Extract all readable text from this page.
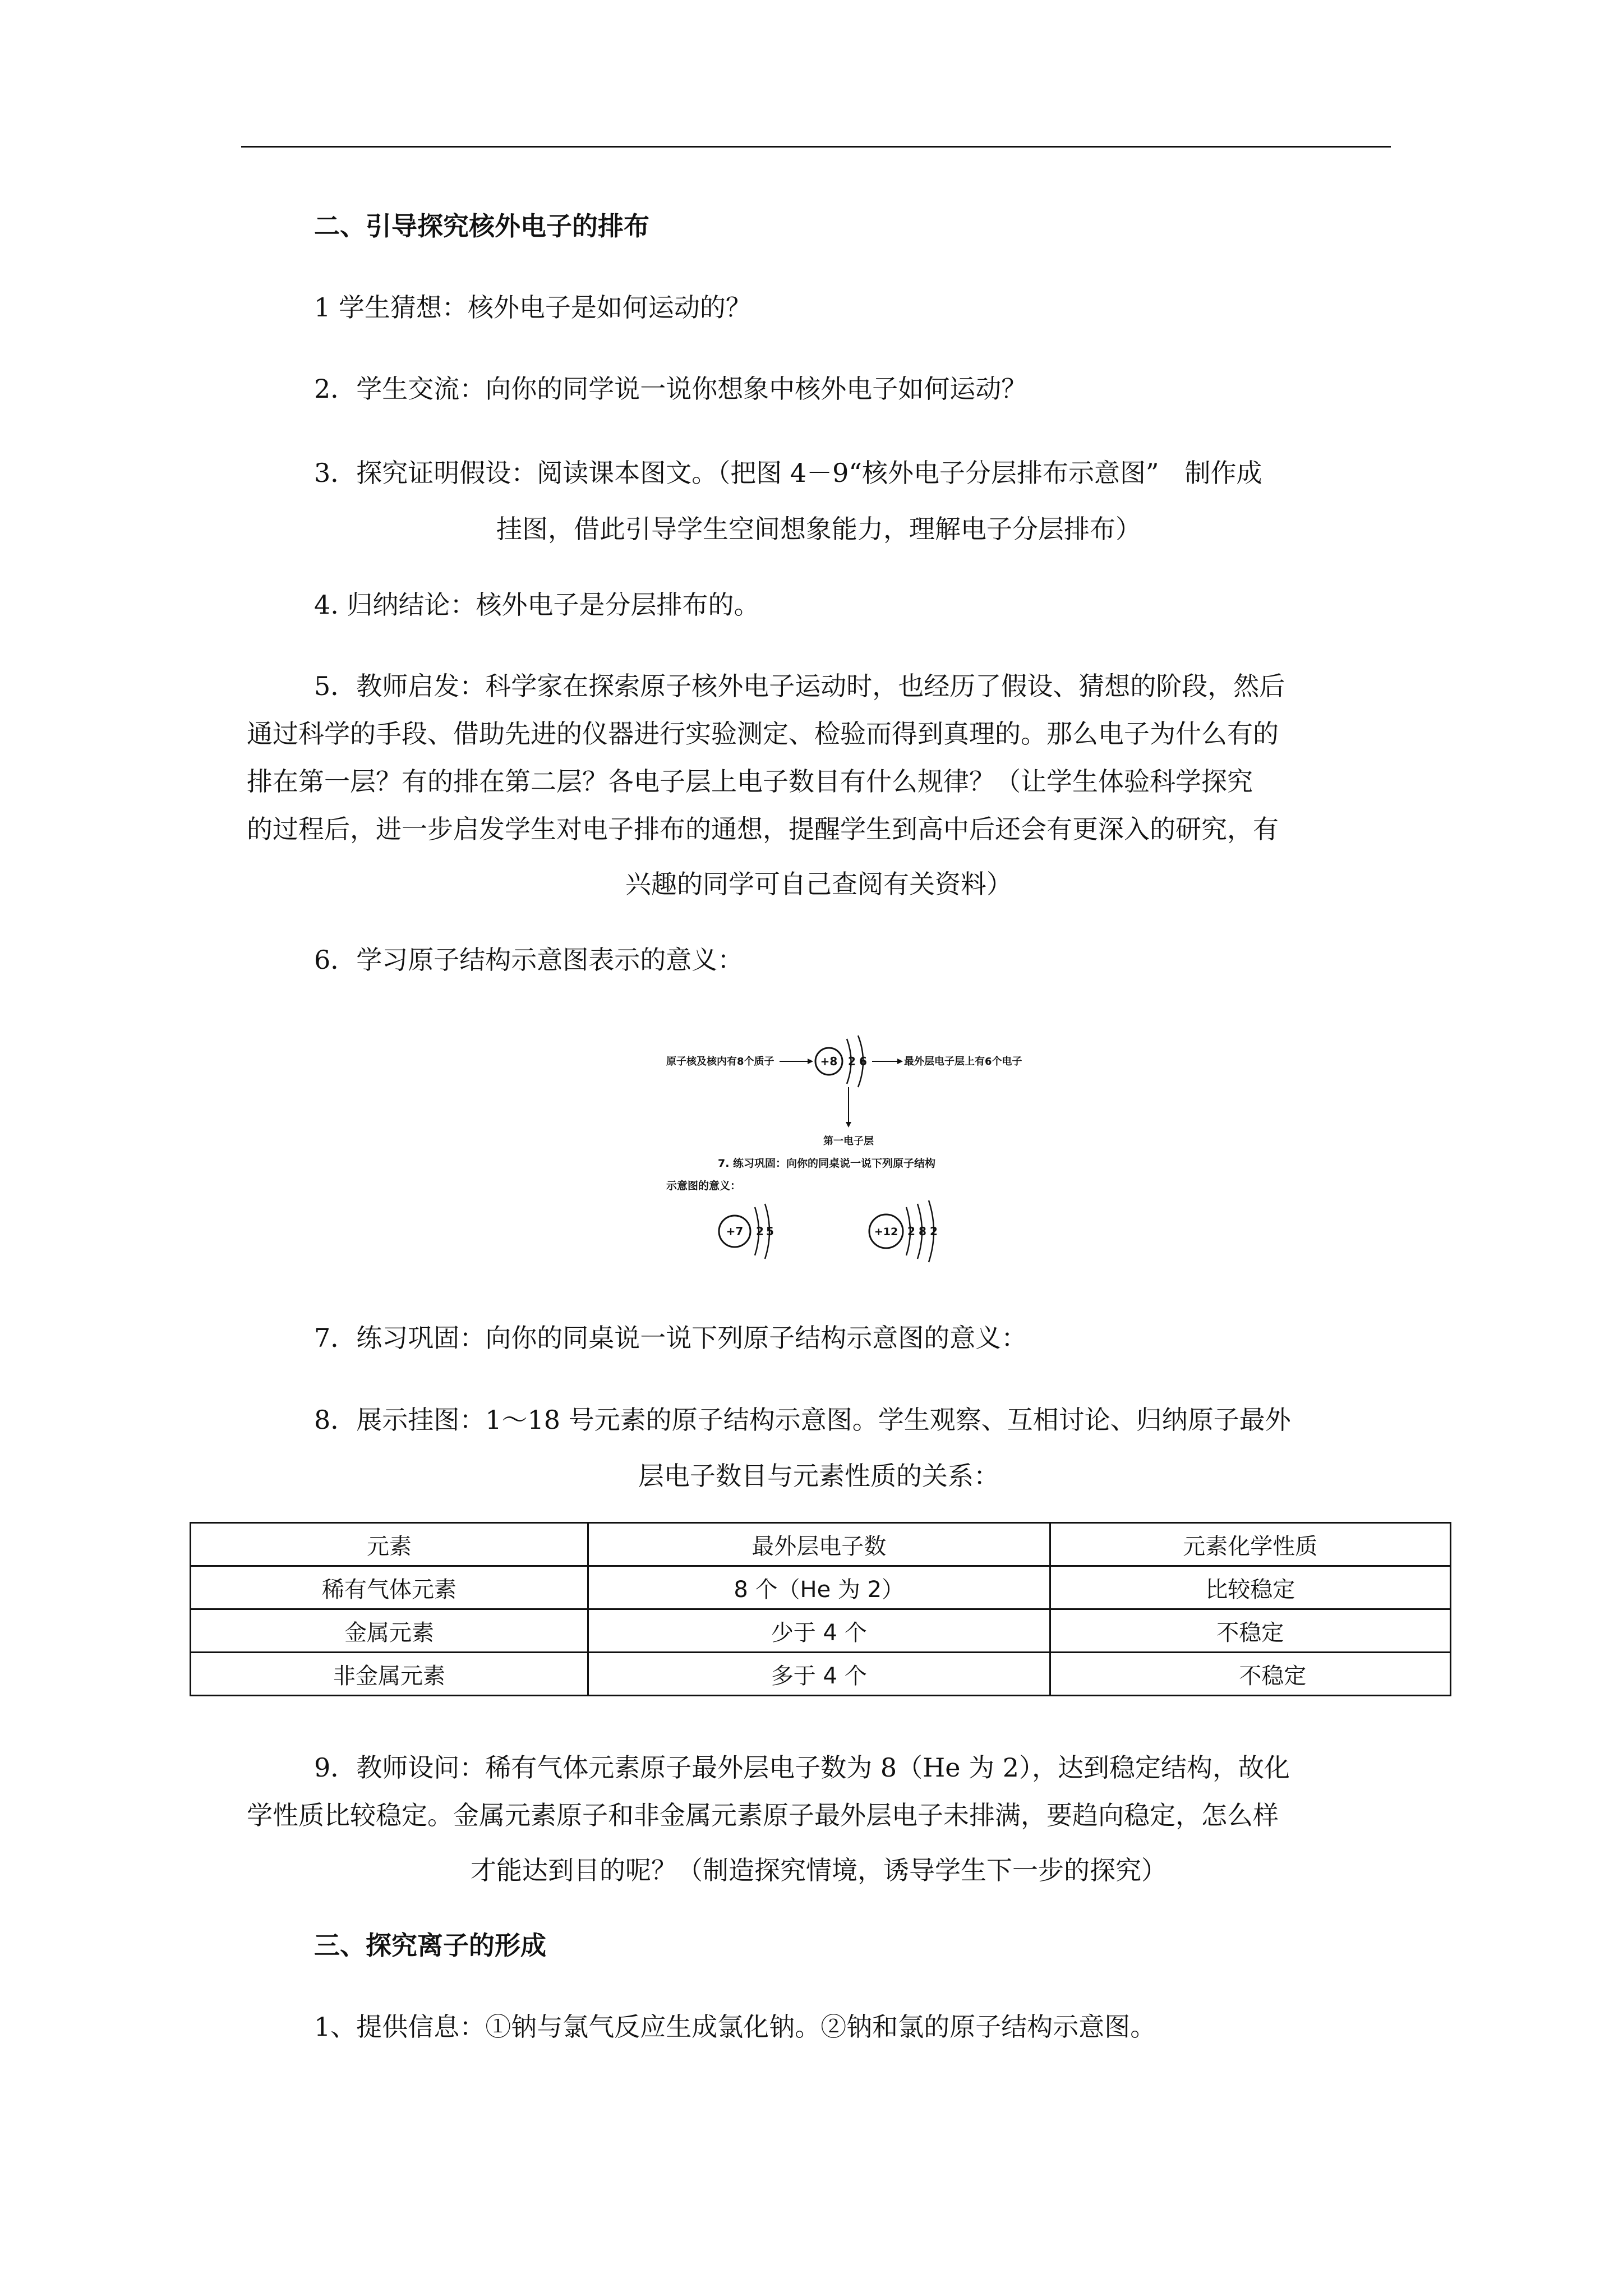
二、引导探究核外电子的排布
1 学生猜想：核外电子是如何运动的？
2．学生交流：向你的同学说一说你想象中核外电子如何运动？
3．探究证明假设：阅读课本图文。（把图 4－9“核外电子分层排布示意图”　制作成
挂图，借此引导学生空间想象能力，理解电子分层排布）
4. 归纳结论：核外电子是分层排布的。
5．教师启发：科学家在探索原子核外电子运动时，也经历了假设、猜想的阶段，然后
通过科学的手段、借助先进的仪器进行实验测定、检验而得到真理的。那么电子为什么有的
排在第一层？有的排在第二层？各电子层上电子数目有什么规律？（让学生体验科学探究
的过程后，进一步启发学生对电子排布的通想，提醒学生到高中后还会有更深入的研究，有
兴趣的同学可自己查阅有关资料）
6．学习原子结构示意图表示的意义：
原子核及核内有8个质子	+8 2 6	最外层电子层上有6个电子
第一电子层
7. 练习巩固：向你的同桌说一说下列原子结构
示意图的意义：
+7 2 5	+12 2 8 2
7．练习巩固：向你的同桌说一说下列原子结构示意图的意义：
8．展示挂图：1～18 号元素的原子结构示意图。学生观察、互相讨论、归纳原子最外
层电子数目与元素性质的关系：
元素	最外层电子数	元素化学性质
稀有气体元素	8 个（He 为 2）	比较稳定
金属元素	少于 4 个	不稳定
非金属元素	多于 4 个	不稳定
9．教师设问：稀有气体元素原子最外层电子数为 8（He 为 2），达到稳定结构，故化
学性质比较稳定。金属元素原子和非金属元素原子最外层电子未排满，要趋向稳定，怎么样
才能达到目的呢？（制造探究情境，诱导学生下一步的探究）
三、探究离子的形成
1、提供信息：①钠与氯气反应生成氯化钠。②钠和氯的原子结构示意图。
